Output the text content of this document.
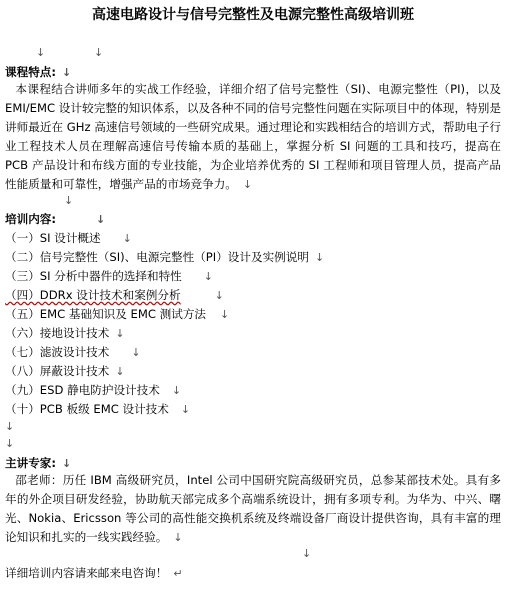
高速电路设计与信号完整性及电源完整性高级培训班
↓	↓
课程特点: ↓
本课程结合讲师多年的实战工作经验，详细介绍了信号完整性（SI)、电源完整性（PI)，以及 EMI/EMC 设计较完整的知识体系，以及各种不同的信号完整性问题在实际项目中的体现，特别是讲师最近在 GHz 高速信号领域的一些研究成果。通过理论和实践相结合的培训方式，帮助电子行业工程技术人员在理解高速信号传输本质的基础上，掌握分析 SI 问题的工具和技巧，提高在 PCB 产品设计和布线方面的专业技能，为企业培养优秀的 SI 工程师和项目管理人员，提高产品性能质量和可靠性，增强产品的市场竞争力。 ↓
↓
培训内容:	↓
（一）SI 设计概述 ↓
（二）信号完整性（SI)、电源完整性（PI）设计及实例说明 ↓
（三）SI 分析中器件的选择和特性 ↓
（四）DDRx 设计技术和案例分析	↓
（五）EMC 基础知识及 EMC 测试方法 ↓
（六）接地设计技术 ↓
（七）滤波设计技术 ↓
（八）屏蔽设计技术 ↓
（九）ESD 静电防护设计技术 ↓
（十）PCB 板级 EMC 设计技术 ↓
↓
↓
主讲专家: ↓
邵老师：历任 IBM 高级研究员，Intel 公司中国研究院高级研究员，总参某部技术处。具有多年的外企项目研发经验，协助航天部完成多个高端系统设计，拥有多项专利。为华为、中兴、曙光、Nokia、Ericsson 等公司的高性能交换机系统及终端设备厂商设计提供咨询，具有丰富的理论知识和扎实的一线实践经验。 ↓
↓
详细培训内容请来邮来电咨询！ ↵
